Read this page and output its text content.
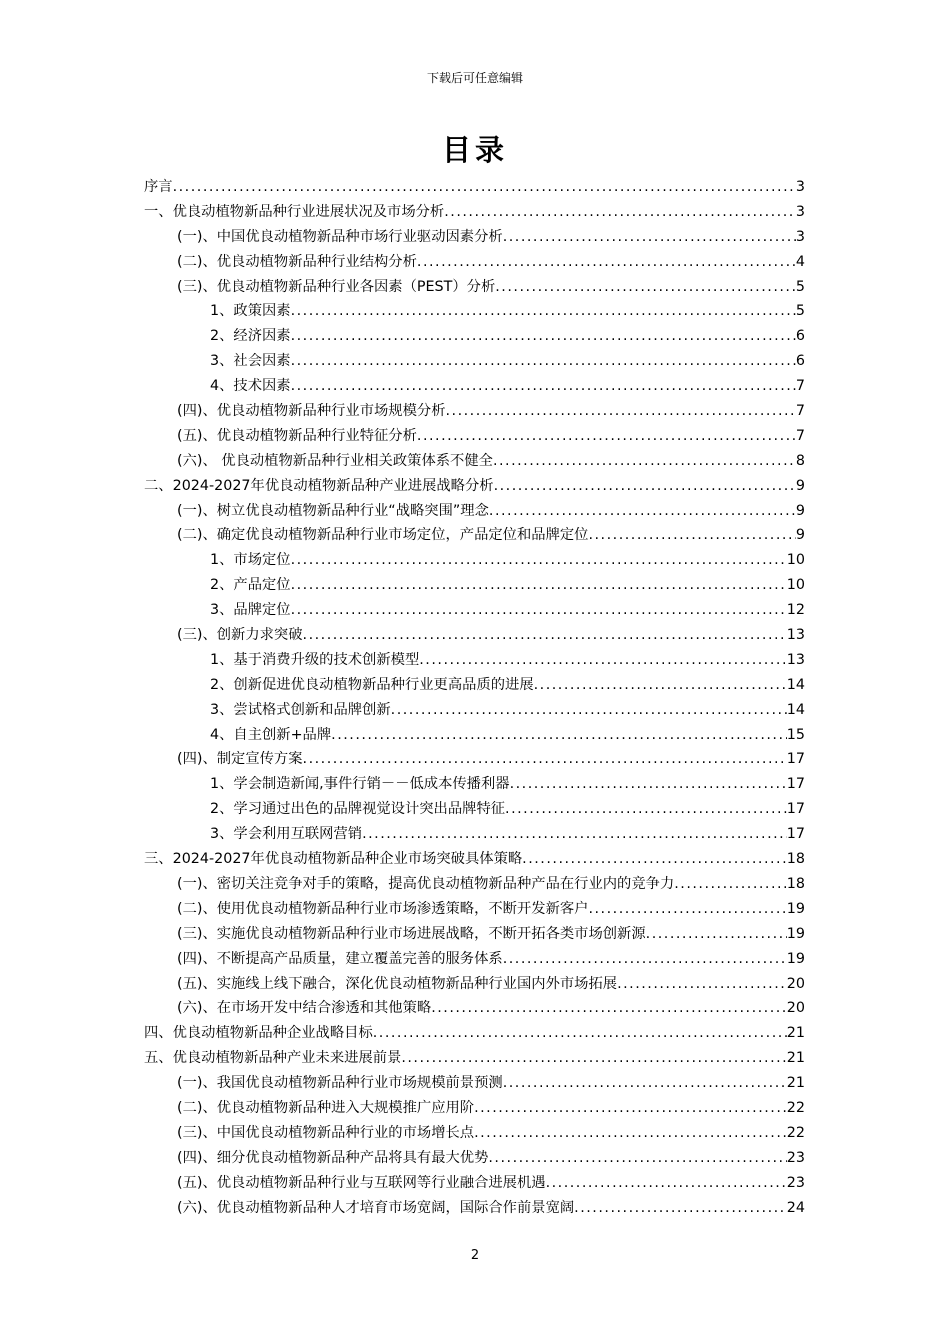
下载后可任意编辑
目录
序言 .....	3
一、优良动植物新品种行业进展状况及市场分析 .....	3
(一)、中国优良动植物新品种市场行业驱动因素分析 .....	3
(二)、优良动植物新品种行业结构分析 .....	4
(三)、优良动植物新品种行业各因素（PEST）分析 .....	5
1、政策因素 .....	5
2、经济因素 .....	6
3、社会因素 .....	6
4、技术因素 .....	7
(四)、优良动植物新品种行业市场规模分析 .....	7
(五)、优良动植物新品种行业特征分析 .....	7
(六)、 优良动植物新品种行业相关政策体系不健全 .....	8
二、2024-2027年优良动植物新品种产业进展战略分析 .....	9
(一)、树立优良动植物新品种行业“战略突围”理念 .....	9
(二)、确定优良动植物新品种行业市场定位，产品定位和品牌定位 .....	9
1、市场定位 .....	10
2、产品定位 .....	10
3、品牌定位 .....	12
(三)、创新力求突破 .....	13
1、基于消费升级的技术创新模型 .....	13
2、创新促进优良动植物新品种行业更高品质的进展 .....	14
3、尝试格式创新和品牌创新 .....	14
4、自主创新+品牌 .....	15
(四)、制定宣传方案 .....	17
1、学会制造新闻,事件行销－－低成本传播利器 .....	17
2、学习通过出色的品牌视觉设计突出品牌特征 .....	17
3、学会利用互联网营销 .....	17
三、2024-2027年优良动植物新品种企业市场突破具体策略 .....	18
(一)、密切关注竞争对手的策略，提高优良动植物新品种产品在行业内的竞争力 .....	18
(二)、使用优良动植物新品种行业市场渗透策略，不断开发新客户 .....	19
(三)、实施优良动植物新品种行业市场进展战略，不断开拓各类市场创新源 .....	19
(四)、不断提高产品质量，建立覆盖完善的服务体系 .....	19
(五)、实施线上线下融合，深化优良动植物新品种行业国内外市场拓展 .....	20
(六)、在市场开发中结合渗透和其他策略 .....	20
四、优良动植物新品种企业战略目标 .....	21
五、优良动植物新品种产业未来进展前景 .....	21
(一)、我国优良动植物新品种行业市场规模前景预测 .....	21
(二)、优良动植物新品种进入大规模推广应用阶 .....	22
(三)、中国优良动植物新品种行业的市场增长点 .....	22
(四)、细分优良动植物新品种产品将具有最大优势 .....	23
(五)、优良动植物新品种行业与互联网等行业融合进展机遇 .....	23
(六)、优良动植物新品种人才培育市场宽阔，国际合作前景宽阔 .....	24
2
